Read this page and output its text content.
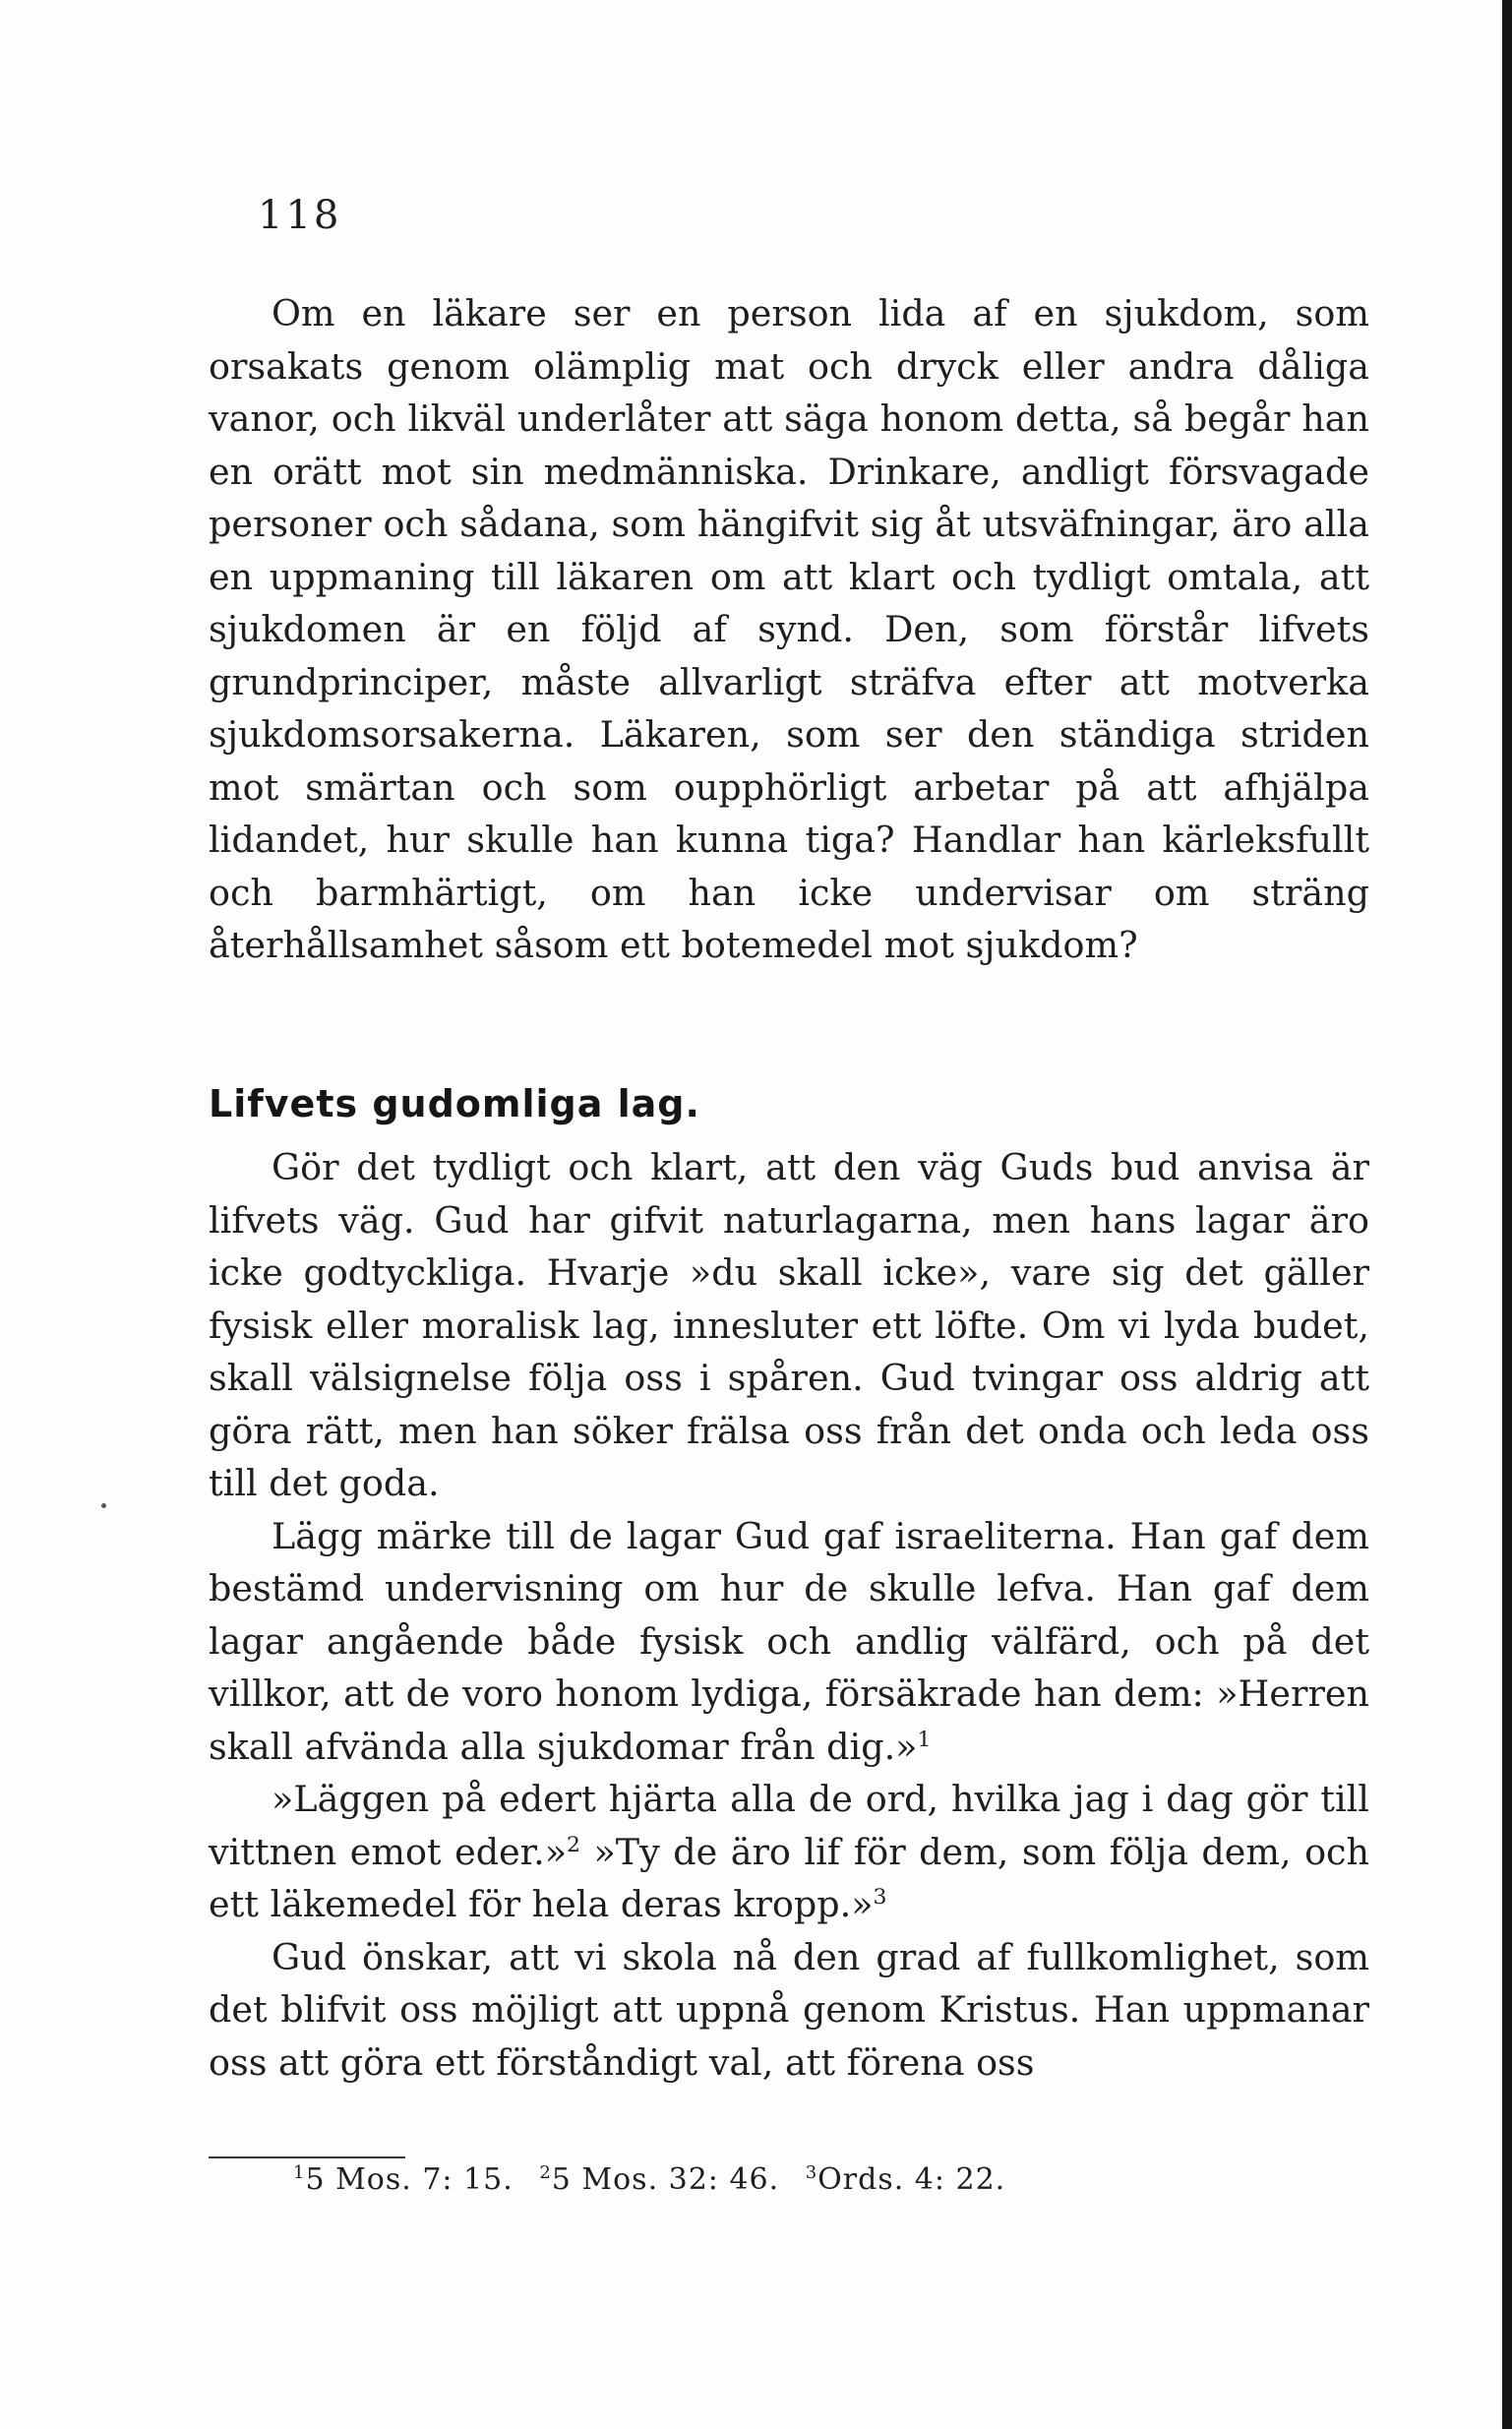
118

Om en läkare ser en person lida af en sjukdom, som orsakats genom olämplig mat och dryck eller andra dåliga vanor, och likväl underlåter att säga honom detta, så begår han en orätt mot sin medmänniska. Drinkare, andligt försvagade personer och sådana, som hängifvit sig åt utsväfningar, äro alla en uppmaning till läkaren om att klart och tydligt omtala, att sjukdomen är en följd af synd. Den, som förstår lifvets grundprinciper, måste allvarligt sträfva efter att motverka sjukdomsorsakerna. Läkaren, som ser den ständiga striden mot smärtan och som oupphörligt arbetar på att afhjälpa lidandet, hur skulle han kunna tiga? Handlar han kärleksfullt och barmhärtigt, om han icke undervisar om sträng återhållsamhet såsom ett botemedel mot sjukdom?

Lifvets gudomliga lag.

Gör det tydligt och klart, att den väg Guds bud anvisa är lifvets väg. Gud har gifvit naturlagarna, men hans lagar äro icke godtyckliga. Hvarje »du skall icke», vare sig det gäller fysisk eller moralisk lag, innesluter ett löfte. Om vi lyda budet, skall välsignelse följa oss i spåren. Gud tvingar oss aldrig att göra rätt, men han söker frälsa oss från det onda och leda oss till det goda.

Lägg märke till de lagar Gud gaf israeliterna. Han gaf dem bestämd undervisning om hur de skulle lefva. Han gaf dem lagar angående både fysisk och andlig välfärd, och på det villkor, att de voro honom lydiga, försäkrade han dem: »Herren skall afvända alla sjukdomar från dig.»$^1$

»Läggen på edert hjärta alla de ord, hvilka jag i dag gör till vittnen emot eder.»$^2$ »Ty de äro lif för dem, som följa dem, och ett läkemedel för hela deras kropp.»$^3$

Gud önskar, att vi skola nå den grad af fullkomlighet, som det blifvit oss möjligt att uppnå genom Kristus. Han uppmanar oss att göra ett förståndigt val, att förena oss

$^1$5 Mos. 7: 15. $^2$5 Mos. 32: 46. $^3$Ords. 4: 22.
